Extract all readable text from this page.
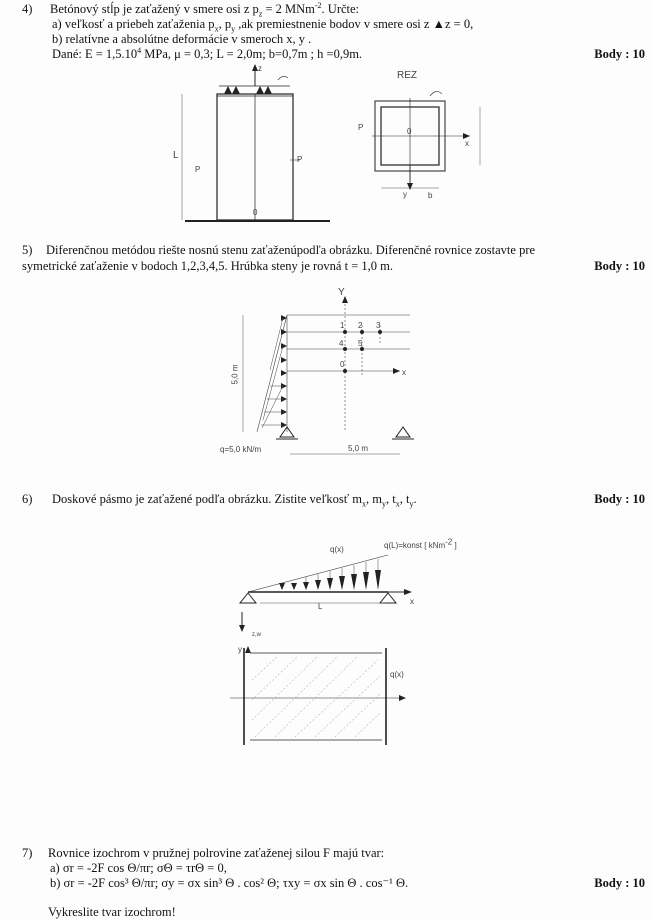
4) Betónový stĺp je zaťažený v smere osi z $p_z = 2$ MNm$^{-2}$. Určte:
a) veľkosť a priebeh zaťaženia $p_x$, $p_y$ ,ak premiestnenie bodov v smere osi z ▲z = 0,
b) relatívne a absolútne deformácie v smeroch x, y .
Dané: $E = 1,5.10^4$ MPa, μ = 0,3; L = 2,0m; b=0,7m ; h =0,9m.	Body : 10
REZ
L
z
P
P
0
P	0
y	b
x
5) Diferenčnou metódou riešte nosnú stenu zaťaženúpodľa obrázku. Diferenčné rovnice zostavte pre
symetrické zaťaženie v bodoch 1,2,3,4,5. Hrúbka steny je rovná t = 1,0 m.	Body : 10
Y
x
5,0 m
5,0 m
q=5,0 kN/m
1 2 3
4 5
0
6) Doskové pásmo je zaťažené podľa obrázku. Zistite veľkosť $m_x$, $m_y$, $t_x$, $t_y$.	Body : 10
q(x)	q(L)=konst [ kNm$^{-2}$ ]
L
x
z,w
y
q(x)
7) Rovnice izochrom v pružnej polrovine zaťaženej silou F majú tvar:
a) σr = -2F cos Θ/πr; σΘ = τrΘ = 0,
b) σr = -2F cos³ Θ/πr; σy = σx sin³ Θ . cos² Θ; τxy = σx sin Θ . cos⁻¹ Θ.	Body : 10
Vykreslite tvar izochrom!
